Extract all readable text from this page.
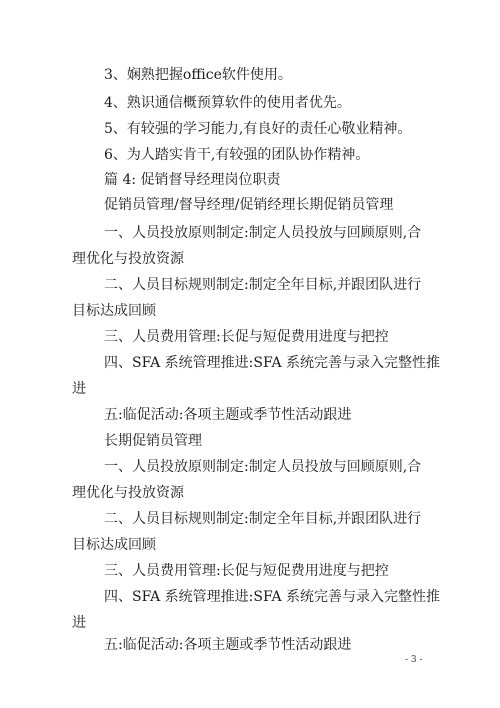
3、娴熟把握office软件使用。
4、熟识通信概预算软件的使用者优先。
5、有较强的学习能力,有良好的责任心敬业精神。
6、为人踏实肯干,有较强的团队协作精神。
篇 4: 促销督导经理岗位职责
促销员管理/督导经理/促销经理长期促销员管理
一、人员投放原则制定:制定人员投放与回顾原则,合
理优化与投放资源
二、人员目标规则制定:制定全年目标,并跟团队进行
目标达成回顾
三、人员费用管理:长促与短促费用进度与把控
四、SFA 系统管理推进:SFA 系统完善与录入完整性推
进
五:临促活动:各项主题或季节性活动跟进
长期促销员管理
一、人员投放原则制定:制定人员投放与回顾原则,合
理优化与投放资源
二、人员目标规则制定:制定全年目标,并跟团队进行
目标达成回顾
三、人员费用管理:长促与短促费用进度与把控
四、SFA 系统管理推进:SFA 系统完善与录入完整性推
进
五:临促活动:各项主题或季节性活动跟进
- 3 -
